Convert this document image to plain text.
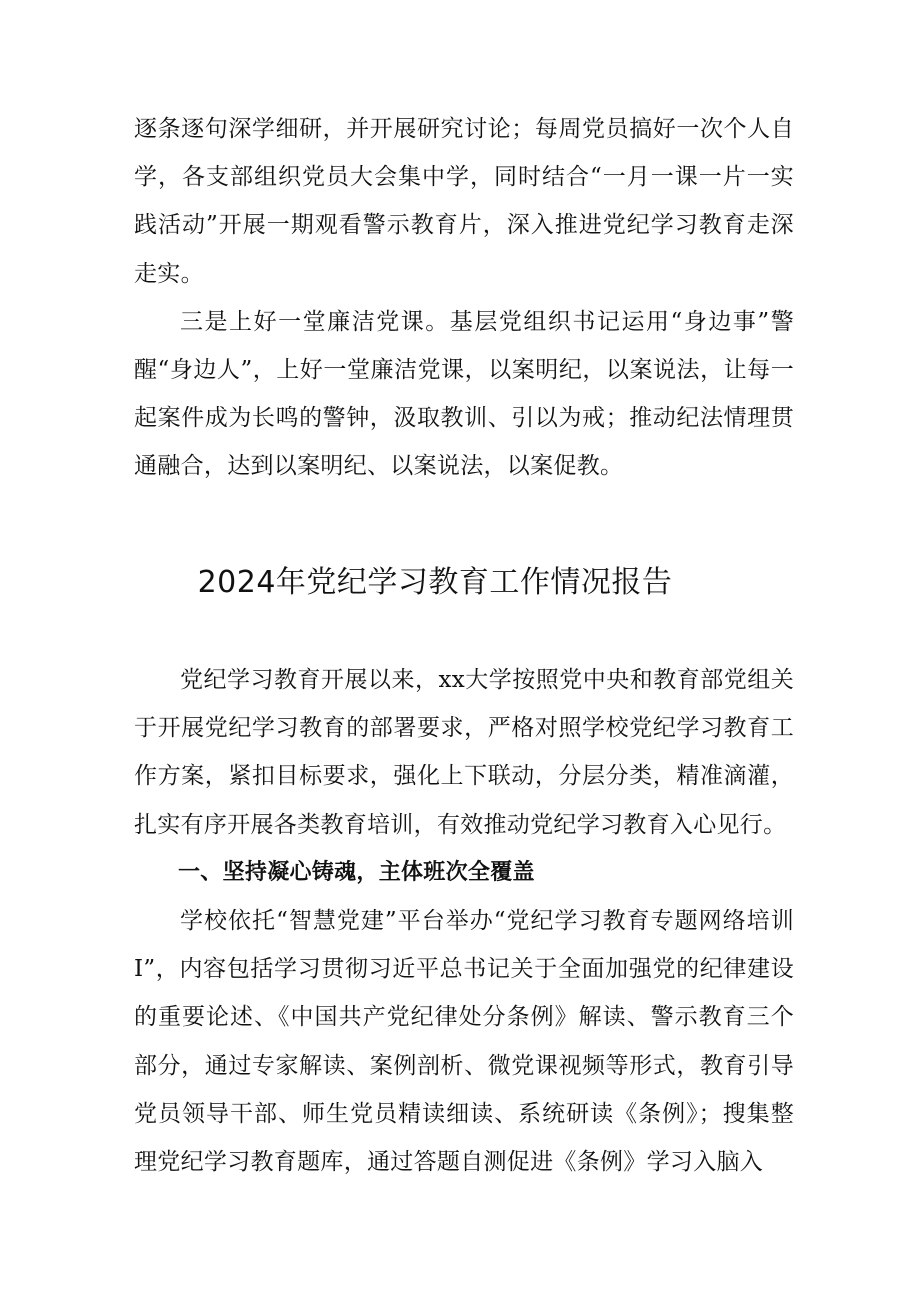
逐条逐句深学细研，并开展研究讨论；每周党员搞好一次个人自学，各支部组织党员大会集中学，同时结合“一月一课一片一实践活动”开展一期观看警示教育片，深入推进党纪学习教育走深走实。

三是上好一堂廉洁党课。基层党组织书记运用“身边事”警醒“身边人”，上好一堂廉洁党课，以案明纪，以案说法，让每一起案件成为长鸣的警钟，汲取教训、引以为戒；推动纪法情理贯通融合，达到以案明纪、以案说法，以案促教。

2024年党纪学习教育工作情况报告

党纪学习教育开展以来，xx大学按照党中央和教育部党组关于开展党纪学习教育的部署要求，严格对照学校党纪学习教育工作方案，紧扣目标要求，强化上下联动，分层分类，精准滴灌，扎实有序开展各类教育培训，有效推动党纪学习教育入心见行。

一、坚持凝心铸魂，主体班次全覆盖

学校依托“智慧党建”平台举办“党纪学习教育专题网络培训I”，内容包括学习贯彻习近平总书记关于全面加强党的纪律建设的重要论述、《中国共产党纪律处分条例》解读、警示教育三个部分，通过专家解读、案例剖析、微党课视频等形式，教育引导党员领导干部、师生党员精读细读、系统研读《条例》；搜集整理党纪学习教育题库，通过答题自测促进《条例》学习入脑入
